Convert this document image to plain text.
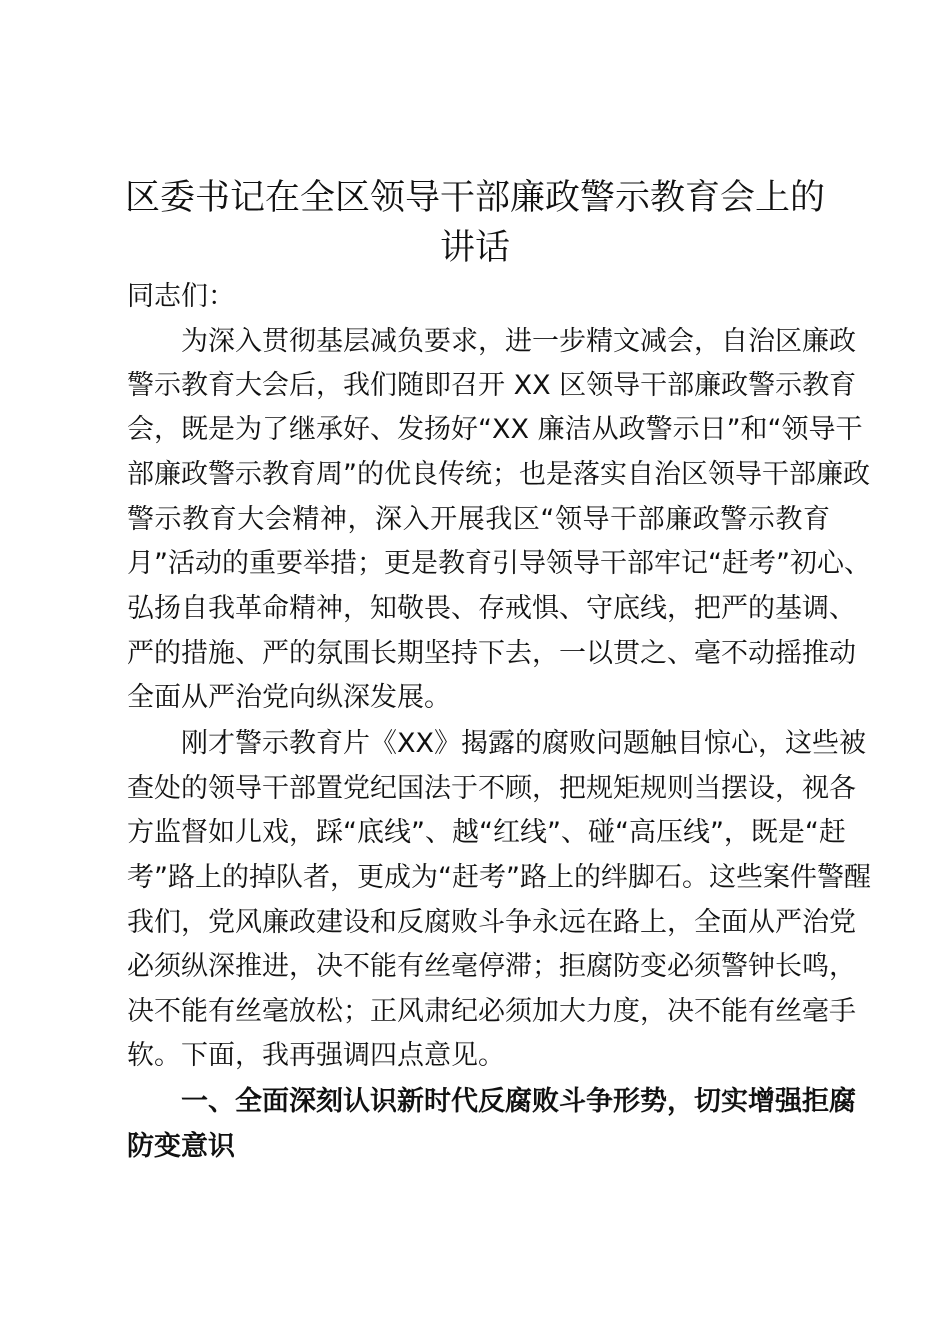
区委书记在全区领导干部廉政警示教育会上的
讲话
同志们：
为深入贯彻基层减负要求，进一步精文减会，自治区廉政
警示教育大会后，我们随即召开 XX 区领导干部廉政警示教育
会，既是为了继承好、发扬好“XX 廉洁从政警示日”和“领导干
部廉政警示教育周”的优良传统；也是落实自治区领导干部廉政
警示教育大会精神，深入开展我区“领导干部廉政警示教育
月”活动的重要举措；更是教育引导领导干部牢记“赶考”初心、
弘扬自我革命精神，知敬畏、存戒惧、守底线，把严的基调、
严的措施、严的氛围长期坚持下去，一以贯之、毫不动摇推动
全面从严治党向纵深发展。
刚才警示教育片《XX》揭露的腐败问题触目惊心，这些被
查处的领导干部置党纪国法于不顾，把规矩规则当摆设，视各
方监督如儿戏，踩“底线”、越“红线”、碰“高压线”，既是“赶
考”路上的掉队者，更成为“赶考”路上的绊脚石。这些案件警醒
我们，党风廉政建设和反腐败斗争永远在路上，全面从严治党
必须纵深推进，决不能有丝毫停滞；拒腐防变必须警钟长鸣，
决不能有丝毫放松；正风肃纪必须加大力度，决不能有丝毫手
软。下面，我再强调四点意见。
一、全面深刻认识新时代反腐败斗争形势，切实增强拒腐
防变意识
